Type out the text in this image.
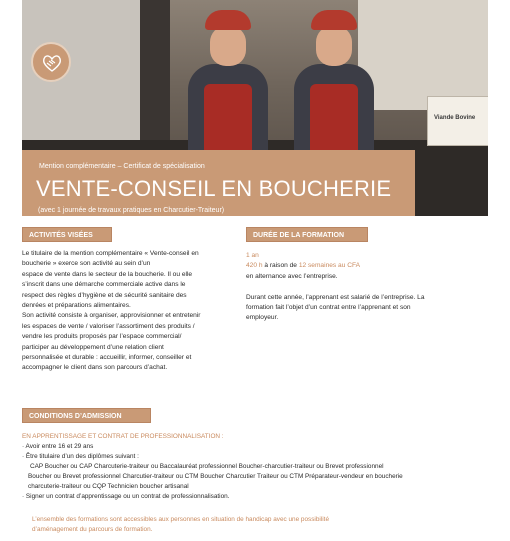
Viande Bovine
Mention complémentaire – Certificat de spécialisation
VENTE-CONSEIL EN BOUCHERIE
(avec 1 journée de travaux pratiques en Charcutier-Traiteur)
ACTIVITÉS VISÉES	DURÉE DE LA FORMATION

Le titulaire de la mention complémentaire « Vente-conseil en
boucherie » exerce son activité au sein d’un
espace de vente dans le secteur de la boucherie. Il ou elle
s’inscrit dans une démarche commerciale active dans le
respect des règles d’hygiène et de sécurité sanitaire des
denrées et préparations alimentaires.

Son activité consiste à organiser, approvisionner et entretenir
les espaces de vente / valoriser l’assortiment des produits /
vendre les produits proposés par l’espace commercial/
participer au développement d’une relation client
personnalisée et durable : accueillir, informer, conseiller et
accompagner le client dans son parcours d’achat.

1 an
420 h à raison de 12 semaines au CFA
en alternance avec l’entreprise.
Durant cette année, l’apprenant est salarié de l’entreprise. La
formation fait l’objet d’un contrat entre l’apprenant et son
employeur.
CONDITIONS D’ADMISSION
EN APPRENTISSAGE ET CONTRAT DE PROFESSIONNALISATION :
· Avoir entre 16 et 29 ans
· Être titulaire d’un des diplômes suivant :
CAP Boucher ou CAP Charcuterie-traiteur ou Baccalauréat professionnel Boucher-charcutier-traiteur ou Brevet professionnel
Boucher ou Brevet professionnel Charcutier-traiteur ou CTM Boucher Charcutier Traiteur ou CTM Préparateur-vendeur en boucherie
charcuterie-traiteur ou CQP Technicien boucher artisanal
· Signer un contrat d’apprentissage ou un contrat de professionnalisation.
L’ensemble des formations sont accessibles aux personnes en situation de handicap avec une possibilité
d’aménagement du parcours de formation.
